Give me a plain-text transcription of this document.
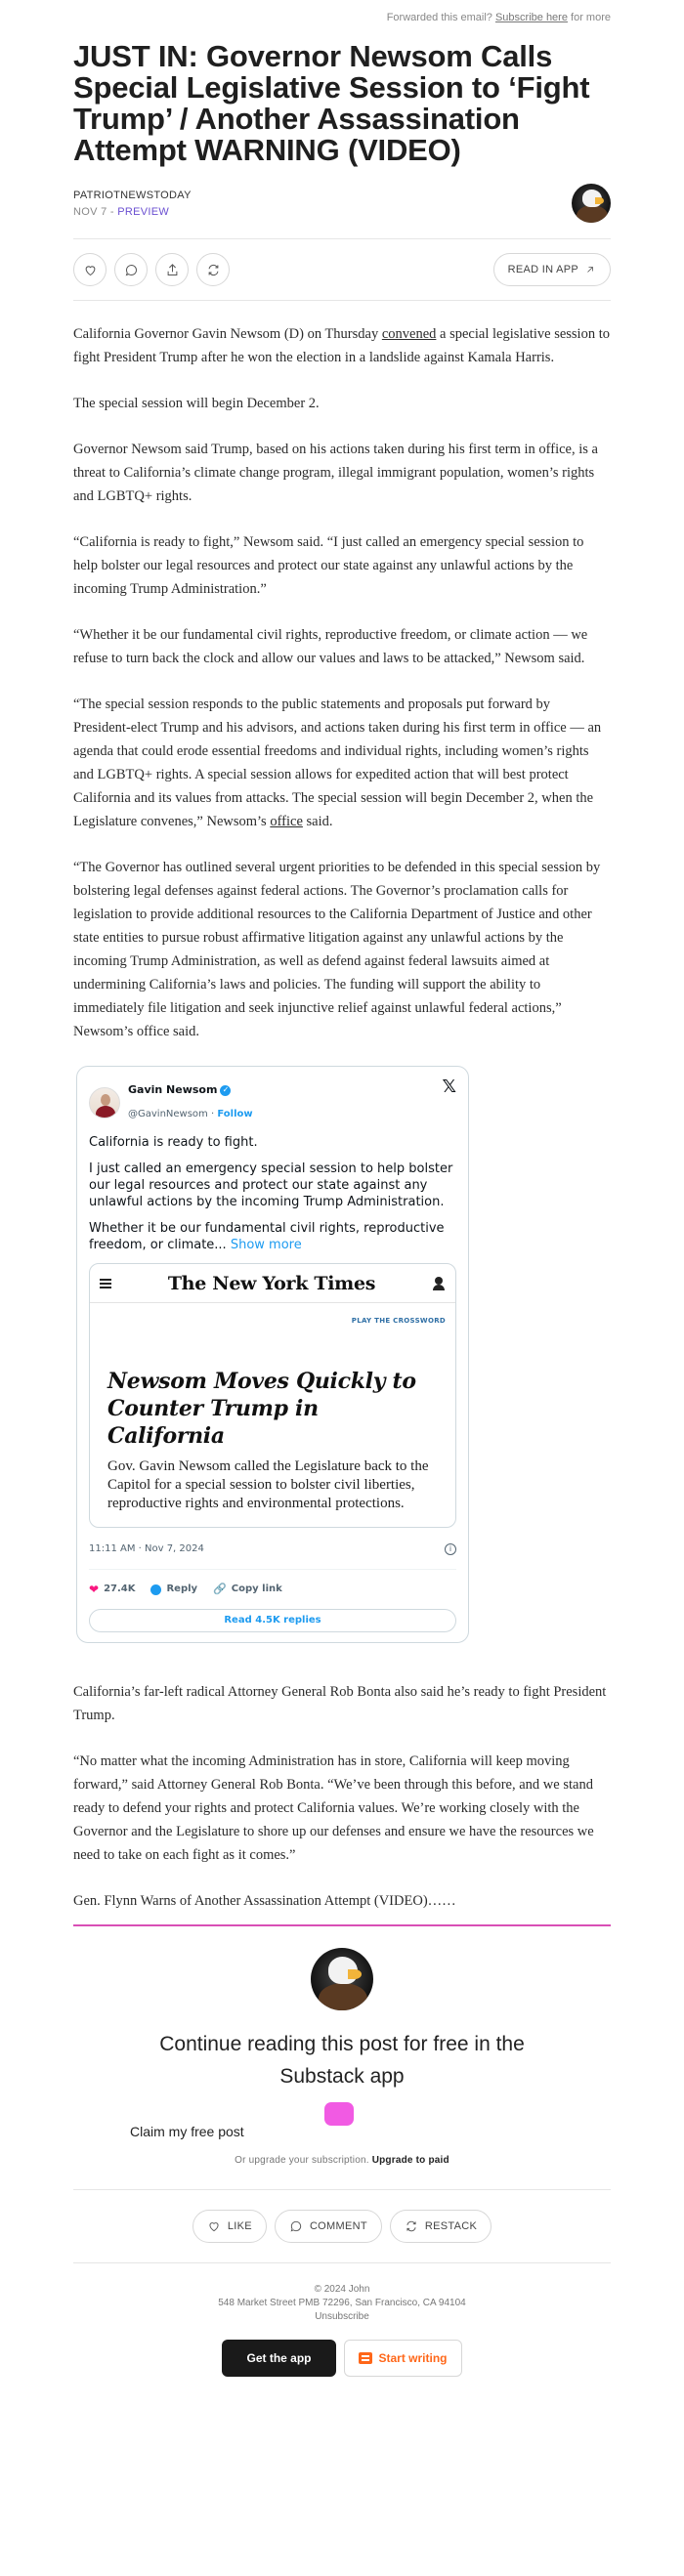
Forwarded this email? Subscribe here for more
JUST IN: Governor Newsom Calls Special Legislative Session to ‘Fight Trump’ / Another Assassination Attempt WARNING (VIDEO)
PATRIOTNEWSTODAY
NOV 7 - PREVIEW
READ IN APP

California Governor Gavin Newsom (D) on Thursday convened a special legislative session to fight President Trump after he won the election in a landslide against Kamala Harris.

The special session will begin December 2.

Governor Newsom said Trump, based on his actions taken during his first term in office, is a threat to California’s climate change program, illegal immigrant population, women’s rights and LGBTQ+ rights.

“California is ready to fight,” Newsom said. “I just called an emergency special session to help bolster our legal resources and protect our state against any unlawful actions by the incoming Trump Administration.”

“Whether it be our fundamental civil rights, reproductive freedom, or climate action — we refuse to turn back the clock and allow our values and laws to be attacked,” Newsom said.

“The special session responds to the public statements and proposals put forward by President-elect Trump and his advisors, and actions taken during his first term in office — an agenda that could erode essential freedoms and individual rights, including women’s rights and LGBTQ+ rights. A special session allows for expedited action that will best protect California and its values from attacks. The special session will begin December 2, when the Legislature convenes,” Newsom’s office said.

“The Governor has outlined several urgent priorities to be defended in this special session by bolstering legal defenses against federal actions. The Governor’s proclamation calls for legislation to provide additional resources to the California Department of Justice and other state entities to pursue robust affirmative litigation against any unlawful actions by the incoming Trump Administration, as well as defend against federal lawsuits aimed at undermining California’s laws and policies. The funding will support the ability to immediately file litigation and seek injunctive relief against unlawful federal actions,” Newsom’s office said.

Gavin Newsom ✓
@GavinNewsom · Follow
𝕏

California is ready to fight.

I just called an emergency special session to help bolster our legal resources and protect our state against any unlawful actions by the incoming Trump Administration.

Whether it be our fundamental civil rights, reproductive freedom, or climate... Show more

The New York Times
PLAY THE CROSSWORD
Newsom Moves Quickly to Counter Trump in California
Gov. Gavin Newsom called the Legislature back to the Capitol for a special session to bolster civil liberties, reproductive rights and environmental protections.
11:11 AM · Nov 7, 2024	i
❤ 27.4K	Reply 🔗 Copy link
Read 4.5K replies

California’s far-left radical Attorney General Rob Bonta also said he’s ready to fight President Trump.

“No matter what the incoming Administration has in store, California will keep moving forward,” said Attorney General Rob Bonta. “We’ve been through this before, and we stand ready to defend your rights and protect California values. We’re working closely with the Governor and the Legislature to shore up our defenses and ensure we have the resources we need to take on each fight as it comes.”

Gen. Flynn Warns of Another Assassination Attempt (VIDEO)……

Continue reading this post for free in the Substack app
Claim my free post
Or upgrade your subscription. Upgrade to paid
LIKE	COMMENT	RESTACK
© 2024 John
548 Market Street PMB 72296, San Francisco, CA 94104
Unsubscribe
Get the app	Start writing
